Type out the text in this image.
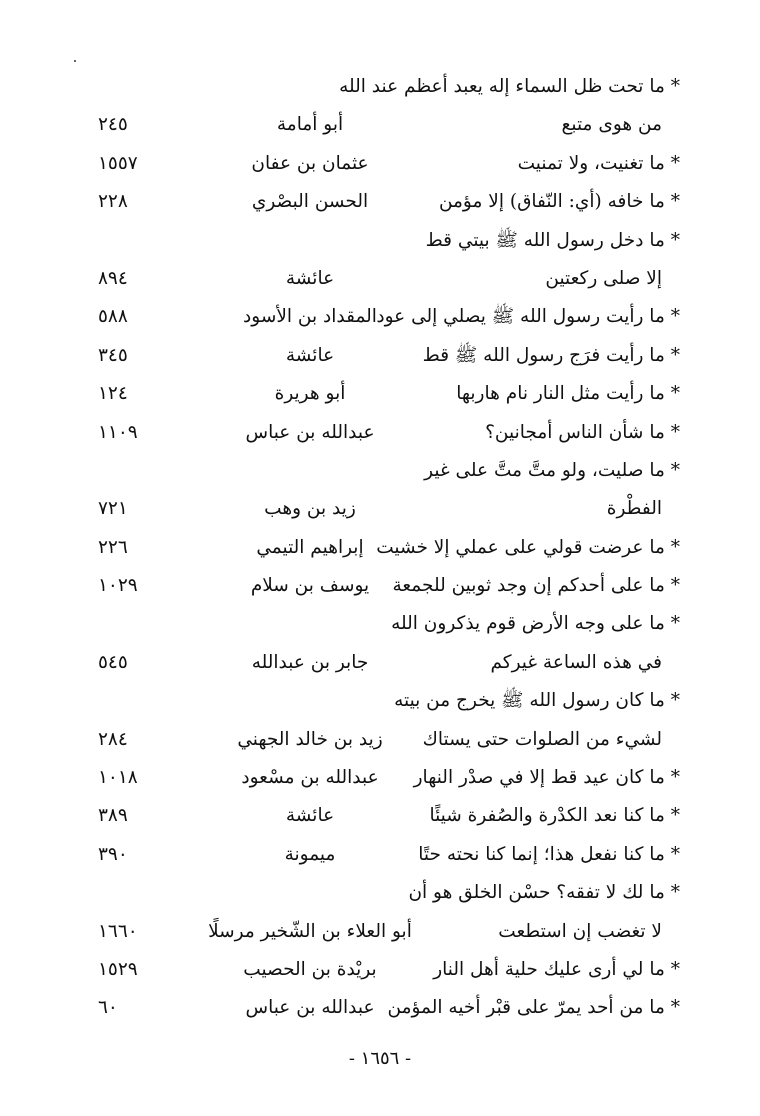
* ما تحت ظل السماء إله يعبد أعظم عند الله
من هوى متبع
أبو أمامة
٢٤٥
* ما تغنيت، ولا تمنيت
عثمان بن عفان
١٥٥٧
* ما خافه (أي: النّفاق) إلا مؤمن
الحسن البصْري
٢٢٨
* ما دخل رسول الله ﷺ بيتي قط
إلا صلى ركعتين
عائشة
٨٩٤
* ما رأيت رسول الله ﷺ يصلي إلى عود
المقداد بن الأسود
٥٨٨
* ما رأيت فرَج رسول الله ﷺ قط
عائشة
٣٤٥
* ما رأيت مثل النار نام هاربها
أبو هريرة
١٢٤
* ما شأن الناس أمجانين؟
عبدالله بن عباس
١١٠٩
* ما صليت، ولو متَّ متَّ على غير
الفطْرة
زيد بن وهب
٧٢١
* ما عرضت قولي على عملي إلا خشيت
إبراهيم التيمي
٢٢٦
* ما على أحدكم إن وجد ثوبين للجمعة
يوسف بن سلام
١٠٢٩
* ما على وجه الأرض قوم يذكرون الله
في هذه الساعة غيركم
جابر بن عبدالله
٥٤٥
* ما كان رسول الله ﷺ يخرج من بيته
لشيء من الصلوات حتى يستاك
زيد بن خالد الجهني
٢٨٤
* ما كان عيد قط إلا في صدْر النهار
عبدالله بن مسْعود
١٠١٨
* ما كنا نعد الكدْرة والصُفرة شيئًا
عائشة
٣٨٩
* ما كنا نفعل هذا؛ إنما كنا نحته حتًا
ميمونة
٣٩٠
* ما لك لا تفقه؟ حسْن الخلق هو أن
لا تغضب إن استطعت
أبو العلاء بن الشّخير مرسلًا
١٦٦٠
* ما لي أرى عليك حلية أهل النار
بريْدة بن الحصيب
١٥٢٩
* ما من أحد يمرّ على قبْر أخيه المؤمن
عبدالله بن عباس
٦٠
- ١٦٥٦ -
